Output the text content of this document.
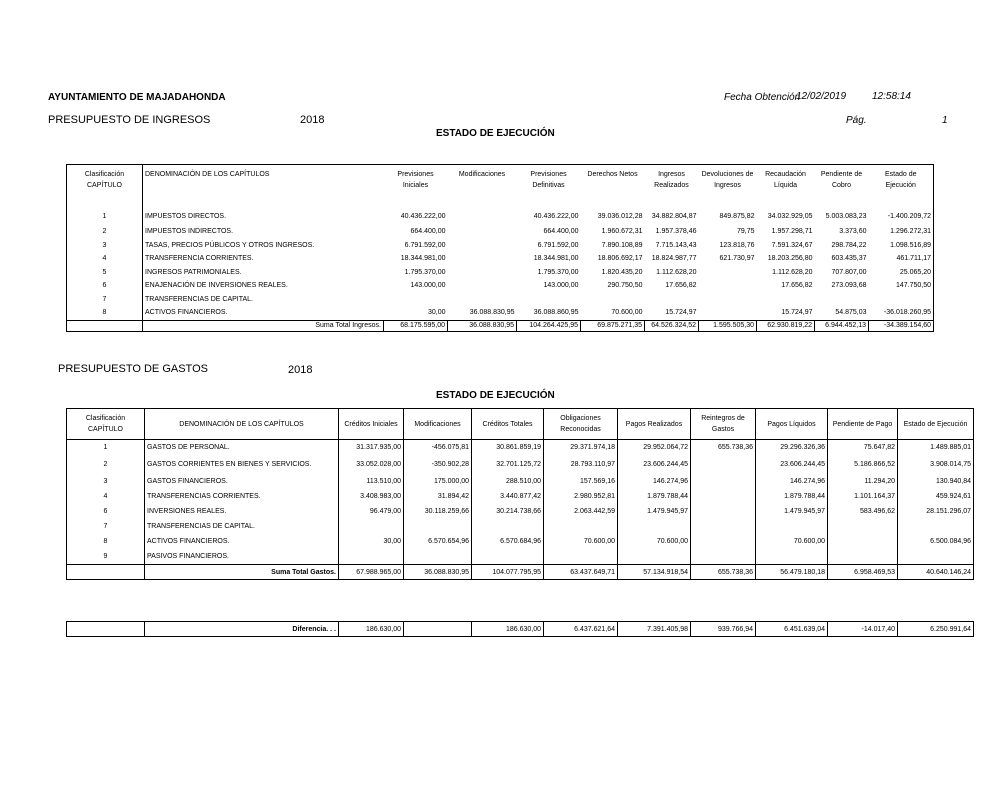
AYUNTAMIENTO DE MAJADAHONDA	Fecha Obtención
12/02/2019	12:58:14
Pág.	1
PRESUPUESTO DE INGRESOS	2018
ESTADO DE EJECUCIÓN
Clasificación CAPÍTULO	DENOMINACIÓN DE LOS CAPÍTULOS	Previsiones Iniciales	Modificaciones	Previsiones Definitivas	Derechos Netos	Ingresos Realizados	Devoluciones de Ingresos	Recaudación Líquida	Pendiente de Cobro	Estado de Ejecución
1	IMPUESTOS DIRECTOS.	40.436.222,00		40.436.222,00	39.036.012,28	34.882.804,87	849.875,82	34.032.929,05	5.003.083,23	-1.400.209,72
2	IMPUESTOS INDIRECTOS.	664.400,00		664.400,00	1.960.672,31	1.957.378,46	79,75	1.957.298,71	3.373,60	1.296.272,31
3	TASAS, PRECIOS PÚBLICOS Y OTROS INGRESOS.	6.791.592,00		6.791.592,00	7.890.108,89	7.715.143,43	123.818,76	7.591.324,67	298.784,22	1.098.516,89
4	TRANSFERENCIA CORRIENTES.	18.344.981,00		18.344.981,00	18.806.692,17	18.824.987,77	621.730,97	18.203.256,80	603.435,37	461.711,17
5	INGRESOS PATRIMONIALES.	1.795.370,00		1.795.370,00	1.820.435,20	1.112.628,20		1.112.628,20	707.807,00	25.065,20
6	ENAJENACIÓN DE INVERSIONES REALES.	143.000,00		143.000,00	290.750,50	17.656,82		17.656,82	273.093,68	147.750,50
7	TRANSFERENCIAS DE CAPITAL.									
8	ACTIVOS FINANCIEROS.	30,00	36.088.830,95	36.088.860,95	70.600,00	15.724,97		15.724,97	54.875,03	-36.018.260,95
	Suma Total Ingresos.	68.175.595,00	36.088.830,95	104.264.425,95	69.875.271,35	64.526.324,52	1.595.505,30	62.930.819,22	6.944.452,13	-34.389.154,60
PRESUPUESTO DE GASTOS	2018
ESTADO DE EJECUCIÓN
Clasificación CAPÍTULO	DENOMINACIÓN DE LOS CAPÍTULOS	Créditos Iniciales	Modificaciones	Créditos Totales	Obligaciones Reconocidas	Pagos Realizados	Reintegros de Gastos	Pagos Líquidos	Pendiente de Pago	Estado de Ejecución
1	GASTOS DE PERSONAL.	31.317.935,00	-456.075,81	30.861.859,19	29.371.974,18	29.952.064,72	655.738,36	29.296.326,36	75.647,82	1.489.885,01
2	GASTOS CORRIENTES EN BIENES Y SERVICIOS.	33.052.028,00	-350.902,28	32.701.125,72	28.793.110,97	23.606.244,45		23.606.244,45	5.186.866,52	3.908.014,75
3	GASTOS FINANCIEROS.	113.510,00	175.000,00	288.510,00	157.569,16	146.274,96		146.274,96	11.294,20	130.940,84
4	TRANSFERENCIAS CORRIENTES.	3.408.983,00	31.894,42	3.440.877,42	2.980.952,81	1.879.788,44		1.879.788,44	1.101.164,37	459.924,61
6	INVERSIONES REALES.	96.479,00	30.118.259,66	30.214.738,66	2.063.442,59	1.479.945,97		1.479.945,97	583.496,62	28.151.296,07
7	TRANSFERENCIAS DE CAPITAL.									
8	ACTIVOS FINANCIEROS.	30,00	6.570.654,96	6.570.684,96	70.600,00	70.600,00		70.600,00		6.500.084,96
9	PASIVOS FINANCIEROS.									
	Suma Total Gastos.	67.988.965,00	36.088.830,95	104.077.795,95	63.437.649,71	57.134.918,54	655.738,36	56.479.180,18	6.958.469,53	40.640.146,24
	Diferencia. . .	186.630,00		186.630,00	6.437.621,64	7.391.405,98	939.766,94	6.451.639,04	-14.017,40	6.250.991,64
